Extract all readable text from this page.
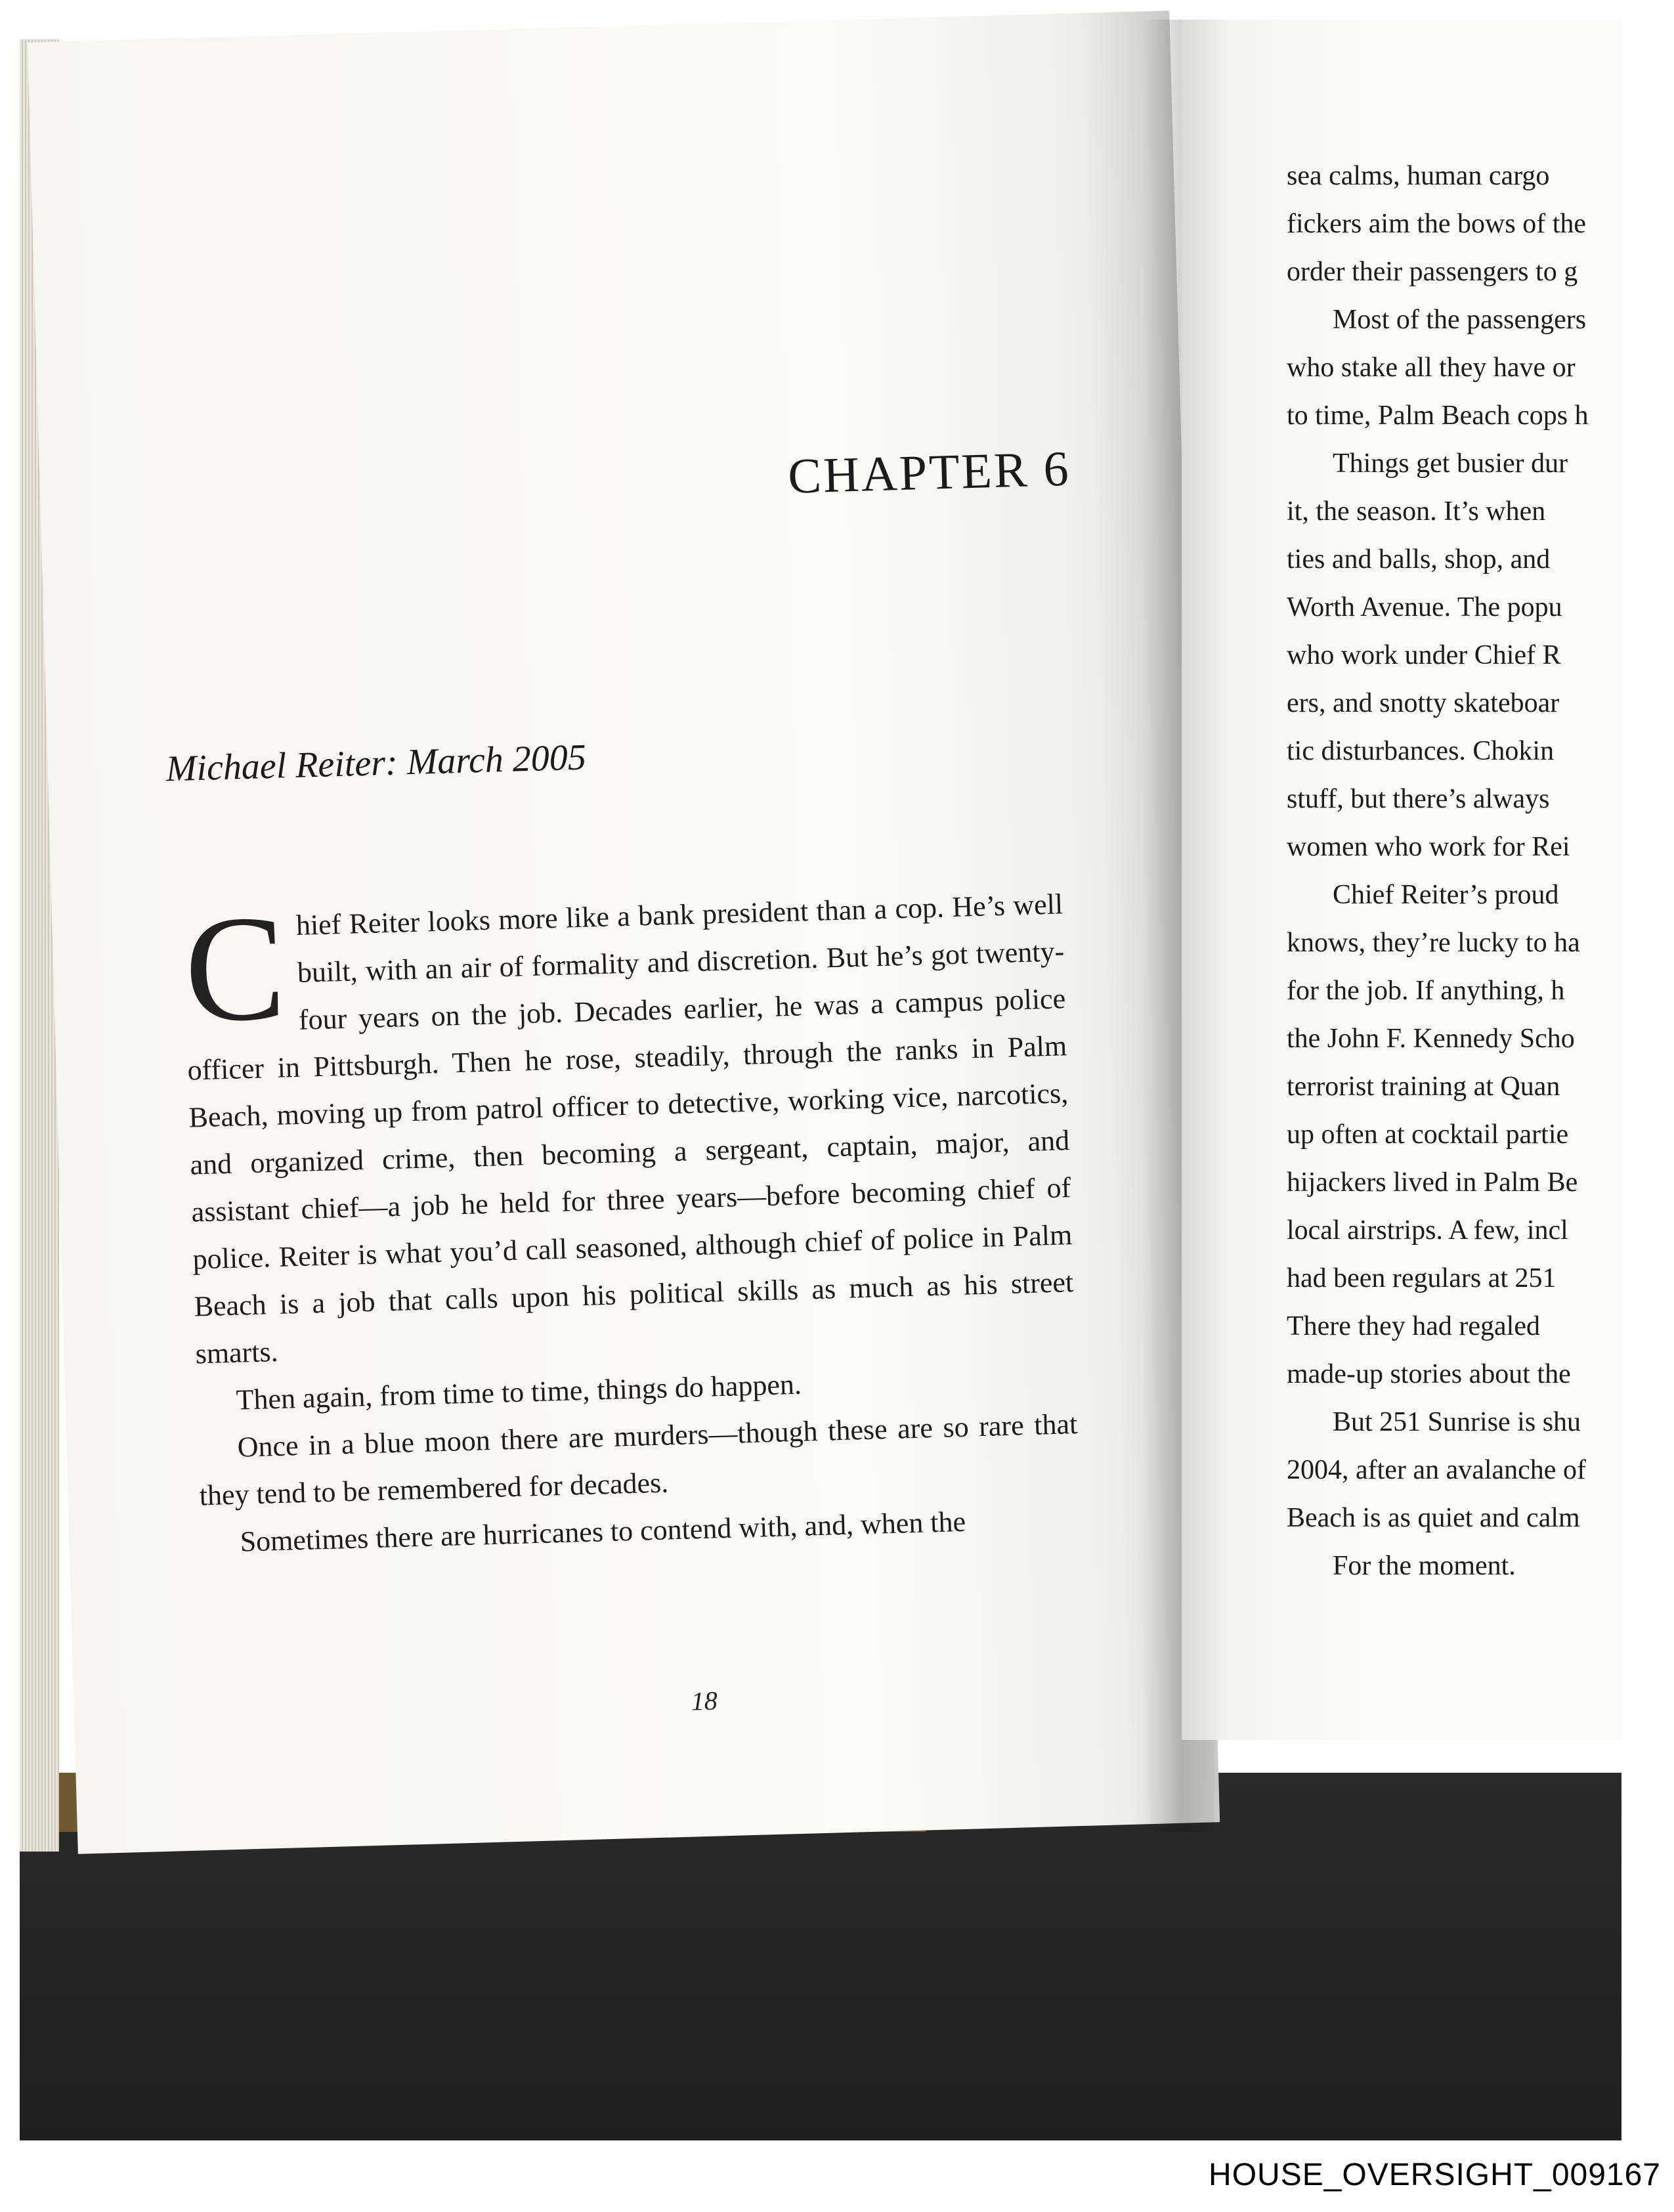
CHAPTER 6
Michael Reiter: March 2005

Chief Reiter looks more like a bank president than a cop. He’s well built, with an air of formality and discretion. But he’s got twenty-four years on the job. Decades earlier, he was a campus police officer in Pittsburgh. Then he rose, steadily, through the ranks in Palm Beach, moving up from patrol officer to detective, working vice, narcotics, and organized crime, then becoming a sergeant, captain, major, and assistant chief—a job he held for three years—before becoming chief of police. Reiter is what you’d call seasoned, although chief of police in Palm Beach is a job that calls upon his political skills as much as his street smarts.

Then again, from time to time, things do happen.

Once in a blue moon there are murders—though these are so rare that they tend to be remembered for decades.

Sometimes there are hurricanes to contend with, and, when the

18
sea calms, human cargo
fickers aim the bows of the
order their passengers to g
Most of the passengers
who stake all they have or
to time, Palm Beach cops h
Things get busier dur
it, the season. It’s when
ties and balls, shop, and
Worth Avenue. The popu
who work under Chief R
ers, and snotty skateboar
tic disturbances. Chokin
stuff, but there’s always
women who work for Rei
Chief Reiter’s proud
knows, they’re lucky to ha
for the job. If anything, h
the John F. Kennedy Scho
terrorist training at Quan
up often at cocktail partie
hijackers lived in Palm Be
local airstrips. A few, incl
had been regulars at 251
There they had regaled
made-up stories about the
But 251 Sunrise is shu
2004, after an avalanche of
Beach is as quiet and calm
For the moment.
HOUSE_OVERSIGHT_009167
